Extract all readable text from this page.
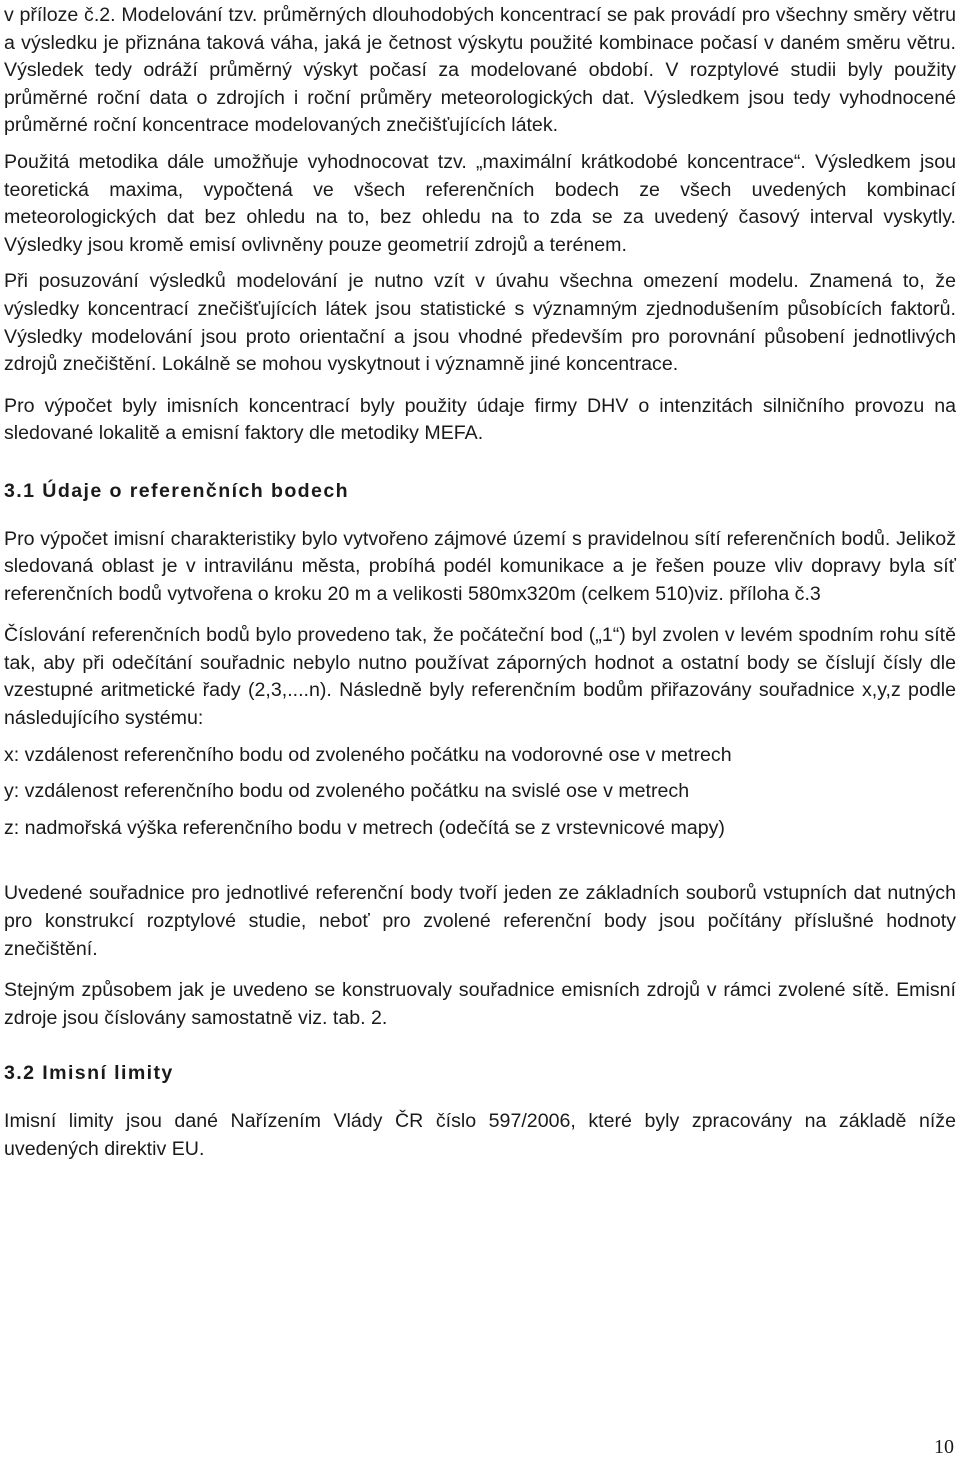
v příloze č.2. Modelování tzv. průměrných dlouhodobých koncentrací se pak provádí pro všechny směry větru a výsledku je přiznána taková váha, jaká je četnost výskytu použité kombinace počasí v daném směru větru. Výsledek tedy odráží průměrný výskyt počasí za modelované období. V rozptylové studii byly použity průměrné roční data o zdrojích i roční průměry meteorologických dat. Výsledkem jsou tedy vyhodnocené průměrné roční koncentrace modelovaných znečišťujících látek.

Použitá metodika dále umožňuje vyhodnocovat tzv. „maximální krátkodobé koncentrace“. Výsledkem jsou teoretická maxima, vypočtená ve všech referenčních bodech ze všech uvedených kombinací meteorologických dat bez ohledu na to, bez ohledu na to zda se za uvedený časový interval vyskytly. Výsledky jsou kromě emisí ovlivněny pouze geometrií zdrojů a terénem.

Při posuzování výsledků modelování je nutno vzít v úvahu všechna omezení modelu. Znamená to, že výsledky koncentrací znečišťujících látek jsou statistické s významným zjednodušením působících faktorů. Výsledky modelování jsou proto orientační a jsou vhodné především pro porovnání působení jednotlivých zdrojů znečištění. Lokálně se mohou vyskytnout i významně jiné koncentrace.

Pro výpočet byly imisních koncentrací byly použity údaje firmy DHV o intenzitách silničního provozu na sledované lokalitě a emisní faktory dle metodiky MEFA.

3.1 Údaje o referenčních bodech

Pro výpočet imisní charakteristiky bylo vytvořeno zájmové území s pravidelnou sítí referenčních bodů. Jelikož sledovaná oblast je v intravilánu města, probíhá podél komunikace a je řešen pouze vliv dopravy byla síť referenčních bodů vytvořena o kroku 20 m a velikosti 580mx320m (celkem 510)viz. příloha č.3

Číslování referenčních bodů bylo provedeno tak, že počáteční bod („1“) byl zvolen v levém spodním rohu sítě tak, aby při odečítání souřadnic nebylo nutno používat záporných hodnot a ostatní body se číslují čísly dle vzestupné aritmetické řady (2,3,....n). Následně byly referenčním bodům přiřazovány souřadnice x,y,z podle následujícího systému:

x: vzdálenost referenčního bodu od zvoleného počátku na vodorovné ose v metrech

y: vzdálenost referenčního bodu od zvoleného počátku na svislé ose v metrech

z: nadmořská výška referenčního bodu v metrech (odečítá se z vrstevnicové mapy)

Uvedené souřadnice pro jednotlivé referenční body tvoří jeden ze základních souborů vstupních dat nutných pro konstrukcí rozptylové studie, neboť pro zvolené referenční body jsou počítány příslušné hodnoty znečištění.

Stejným způsobem jak je uvedeno se konstruovaly souřadnice emisních zdrojů v rámci zvolené sítě. Emisní zdroje jsou číslovány samostatně viz. tab. 2.

3.2 Imisní limity

Imisní limity jsou dané Nařízením Vlády ČR číslo 597/2006, které byly zpracovány na základě níže uvedených direktiv EU.

10
